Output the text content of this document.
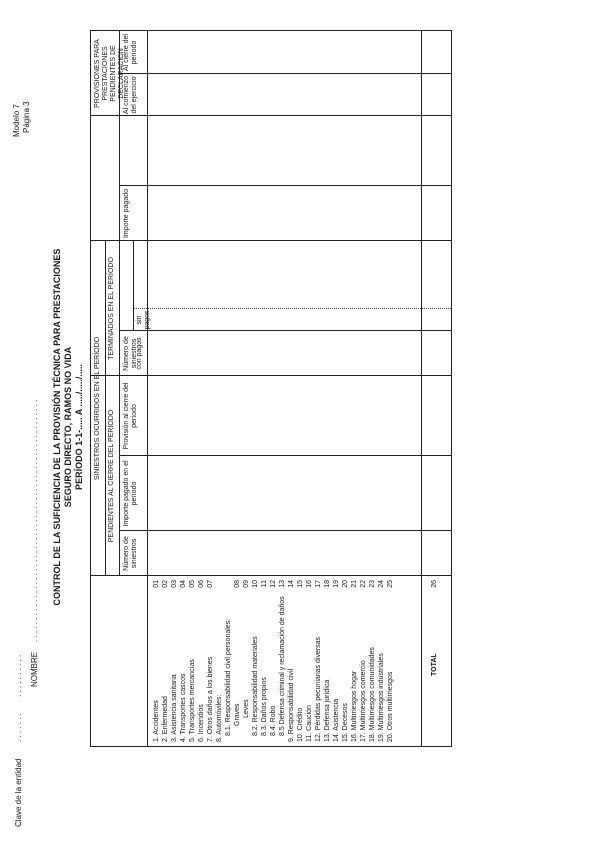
Clave de la entidad
. . . . . . .
. . . . . . . . . .
Modelo 7 Página 3
NOMBRE
. . . . . . . . . . . . . . . . . . . . . . . . . . . . . . . . . . . . . . . . . . . . . . . . . . . . . . . CONTROL DE LA SUFICIENCIA DE LA PROVISIÓN TÉCNICA PARA PRESTACIONES SEGURO DIRECTO, RAMOS NO VIDA PERÍODO 1-1-..... A ...../...../..... SINIESTROS OCURRIDOS EN EL PERÍODO PENDIENTES AL CIERRE DEL PERÍODO
TERMINADOS EN EL PERÍODO
PROVISIONES PARA PRESTACIONES PENDIENTES DE DECLARACIÓN
Número de siniestros
Importe pagado en el período
Provisión al cierre del período
Número de siniestros
con pagos
sin pagos
Importe pagado
Al comienzo del ejercicio
Al cierre del período
1. Accidentes 2. Enfermedad 3. Asistencia sanitaria 4. Transportes cascos 5. Transportes mercancías 6. Incendios 7. Otros daños a los bienes 8. Automóviles: 8.1. Responsabilidad civil personales: Graves Leves 8.2. Responsabilidad materiales 8.3. Daños propios 8.4. Robo 8.5 Defensa criminal y reclamación de daños 9. Responsabilidad civil 10. Crédito 11. Caución 12. Pérdidas pecuniarias diversas 13. Defensa jurídica 14. Asistencia 15. Decesos 16. Multirriesgos hogar 17. Multirriesgos comercio 18. Multirriesgos comunidades 19. Multirriesgos industriales 20. Otros multirriesgos
01 02 03 04 05 06 07	08 09 10 11 12 13 14 15 16 17 18 19 20 21 22 23 24 25
TOTAL
26
